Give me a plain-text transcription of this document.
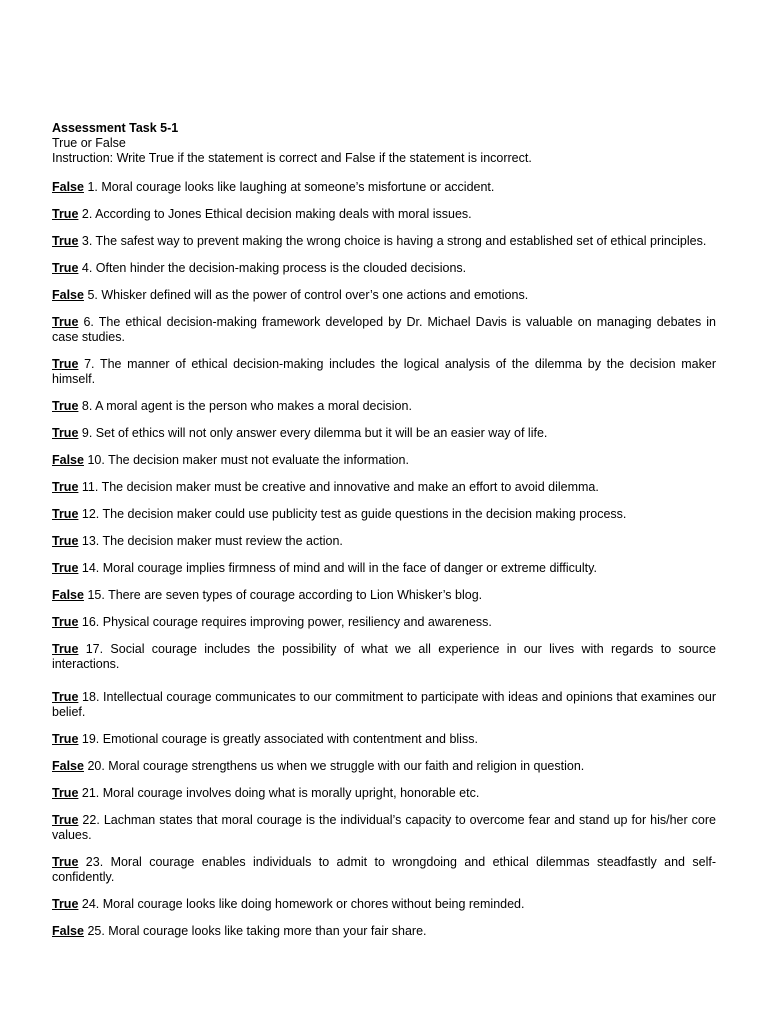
Assessment Task 5-1
True or False
Instruction: Write True if the statement is correct and False if the statement is incorrect.
False 1. Moral courage looks like laughing at someone’s misfortune or accident.
True 2. According to Jones Ethical decision making deals with moral issues.
True 3. The safest way to prevent making the wrong choice is having a strong and established set of ethical principles.
True 4. Often hinder the decision-making process is the clouded decisions.
False 5. Whisker defined will as the power of control over’s one actions and emotions.
True 6. The ethical decision-making framework developed by Dr. Michael Davis is valuable on managing debates in case studies.
True 7. The manner of ethical decision-making includes the logical analysis of the dilemma by the decision maker himself.
True 8. A moral agent is the person who makes a moral decision.
True 9. Set of ethics will not only answer every dilemma but it will be an easier way of life.
False 10. The decision maker must not evaluate the information.
True 11. The decision maker must be creative and innovative and make an effort to avoid dilemma.
True 12. The decision maker could use publicity test as guide questions in the decision making process.
True 13. The decision maker must review the action.
True 14. Moral courage implies firmness of mind and will in the face of danger or extreme difficulty.
False 15. There are seven types of courage according to Lion Whisker’s blog.
True 16. Physical courage requires improving power, resiliency and awareness.
True 17. Social courage includes the possibility of what we all experience in our lives with regards to source interactions.
True 18. Intellectual courage communicates to our commitment to participate with ideas and opinions that examines our belief.
True 19. Emotional courage is greatly associated with contentment and bliss.
False 20. Moral courage strengthens us when we struggle with our faith and religion in question.
True 21. Moral courage involves doing what is morally upright, honorable etc.
True 22. Lachman states that moral courage is the individual’s capacity to overcome fear and stand up for his/her core values.
True 23. Moral courage enables individuals to admit to wrongdoing and ethical dilemmas steadfastly and self-confidently.
True 24. Moral courage looks like doing homework or chores without being reminded.
False 25. Moral courage looks like taking more than your fair share.
